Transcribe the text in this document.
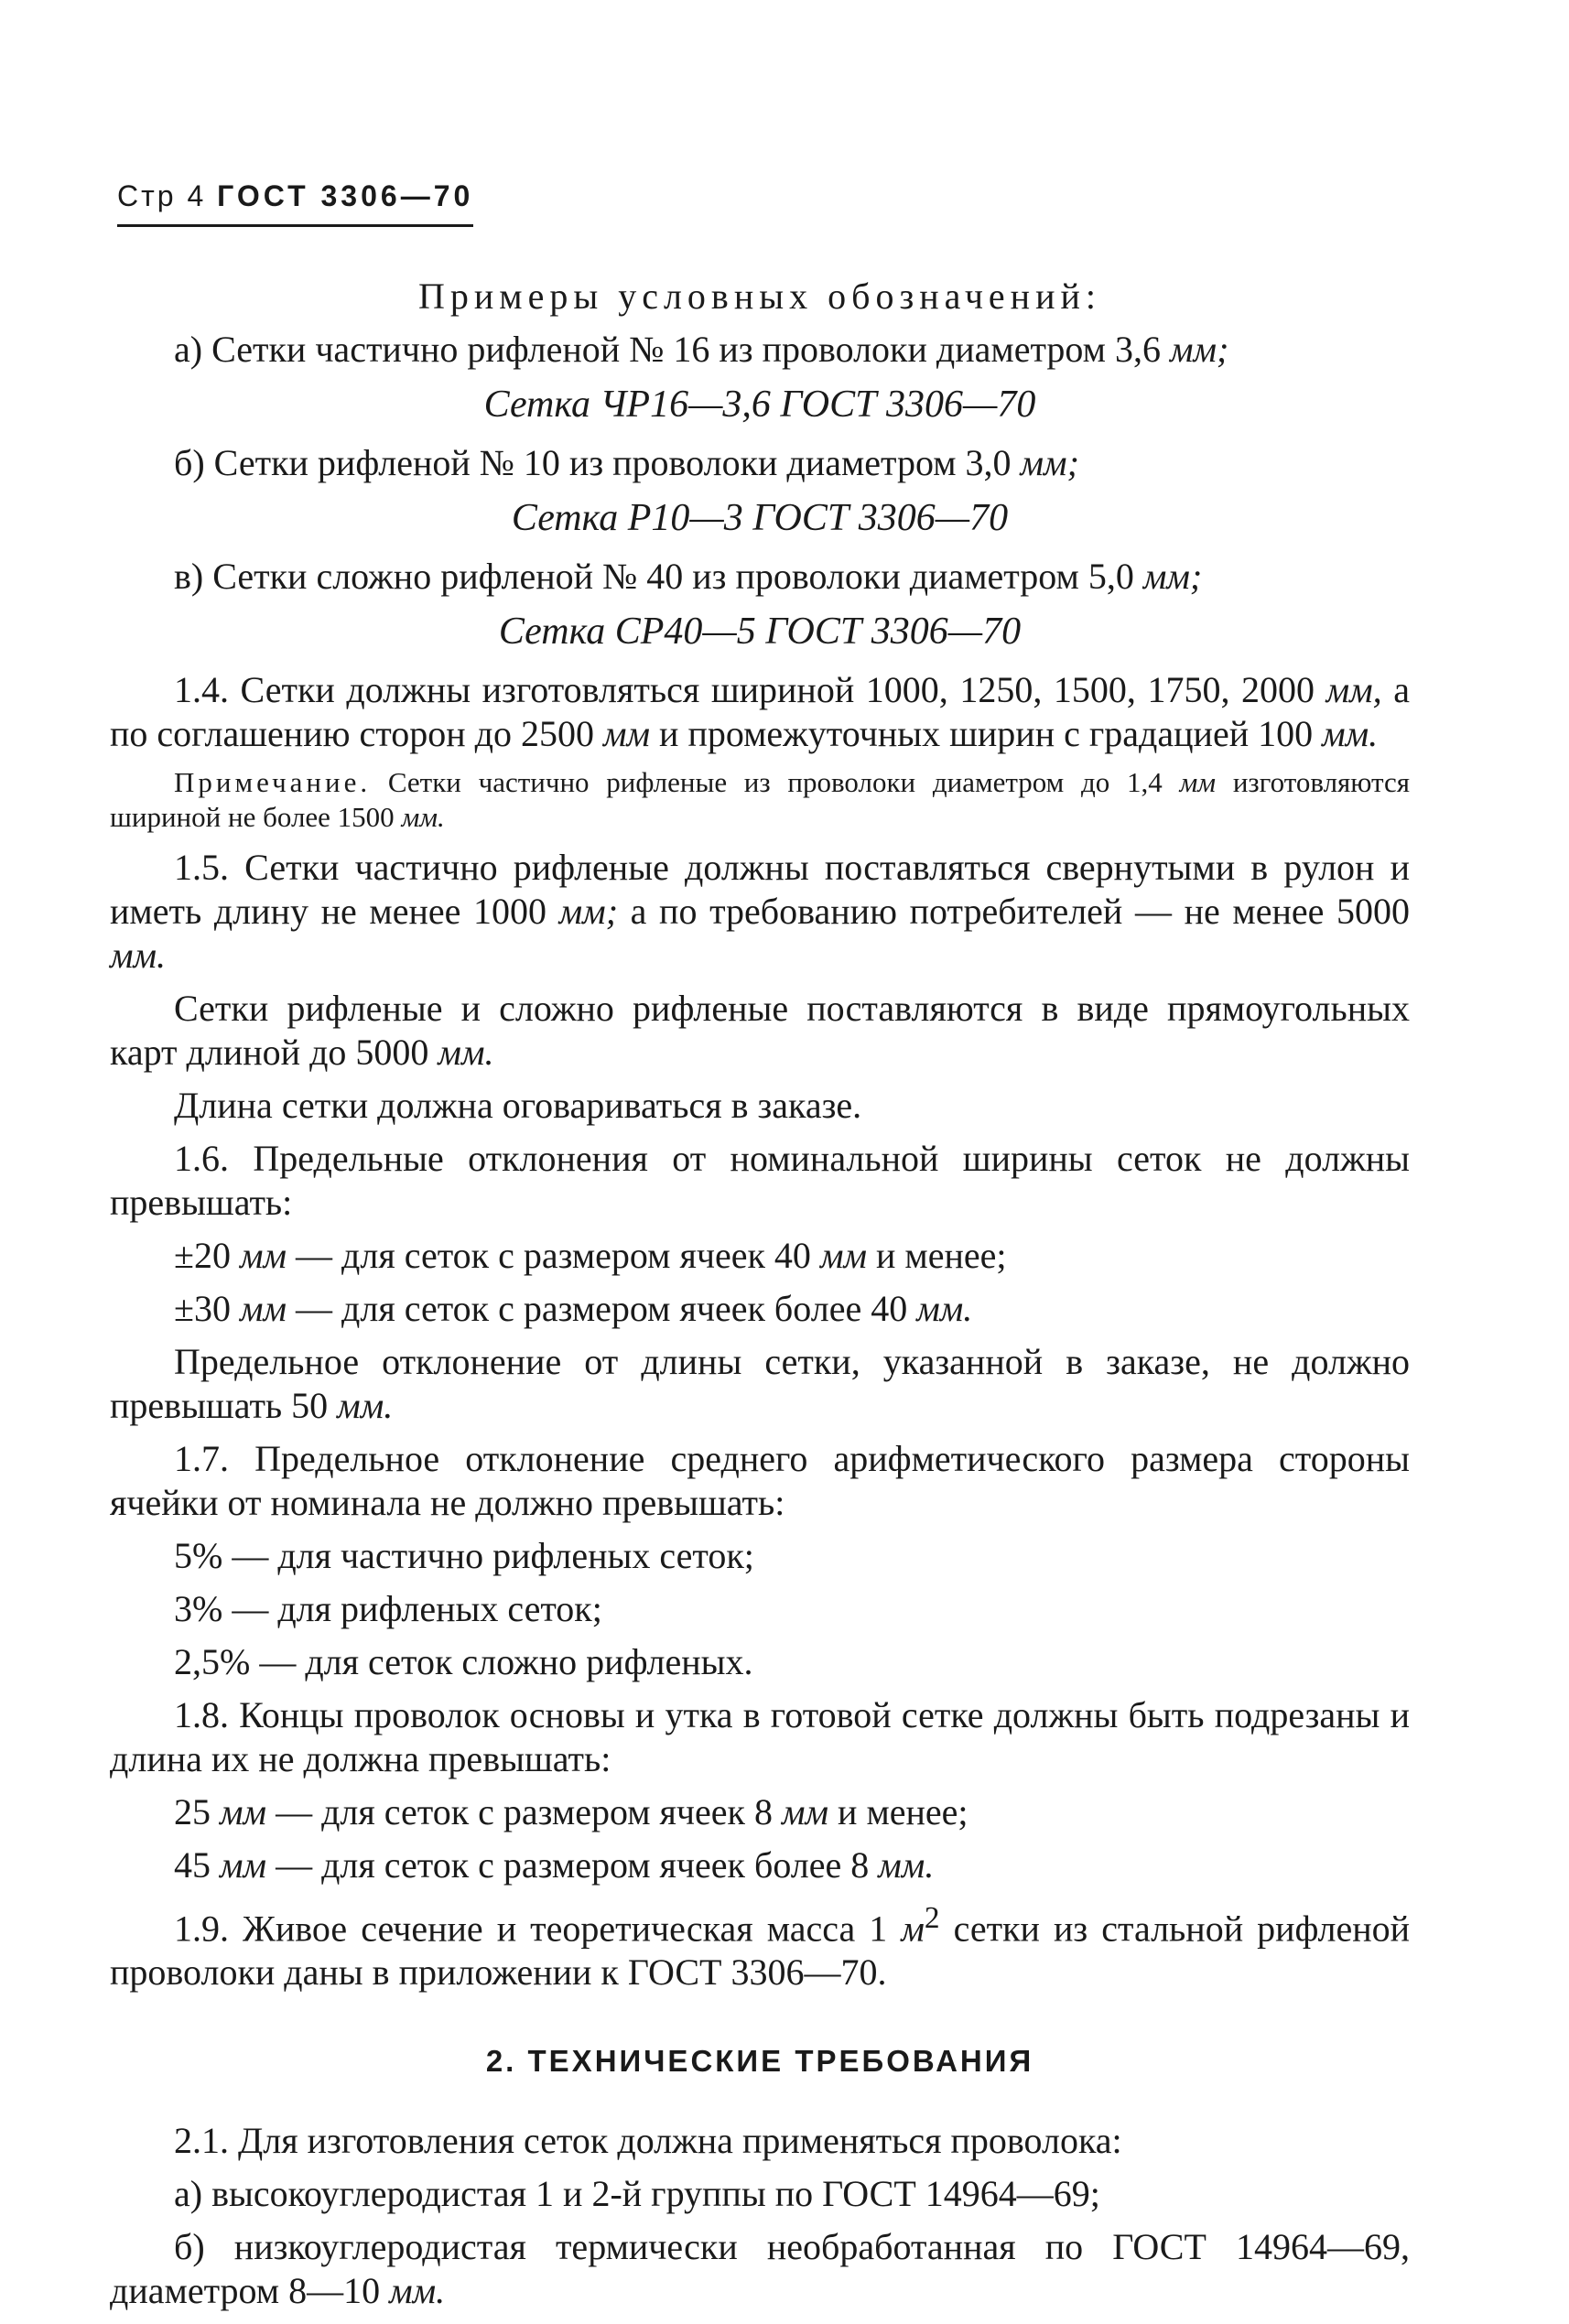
Стр 4 ГОСТ 3306—70
Примеры условных обозначений:

а) Сетки частично рифленой № 16 из проволоки диаметром 3,6 мм;

Сетка ЧР16—3,6 ГОСТ 3306—70

б) Сетки рифленой № 10 из проволоки диаметром 3,0 мм;

Сетка Р10—3 ГОСТ 3306—70

в) Сетки сложно рифленой № 40 из проволоки диаметром 5,0 мм;

Сетка СР40—5 ГОСТ 3306—70

1.4. Сетки должны изготовляться шириной 1000, 1250, 1500, 1750, 2000 мм, а по соглашению сторон до 2500 мм и промежуточных ширин с градацией 100 мм.

Примечание. Сетки частично рифленые из проволоки диаметром до 1,4 мм изготовляются шириной не более 1500 мм.

1.5. Сетки частично рифленые должны поставляться свернутыми в рулон и иметь длину не менее 1000 мм; а по требованию потребителей — не менее 5000 мм.

Сетки рифленые и сложно рифленые поставляются в виде прямоугольных карт длиной до 5000 мм.

Длина сетки должна оговариваться в заказе.

1.6. Предельные отклонения от номинальной ширины сеток не должны превышать:

±20 мм — для сеток с размером ячеек 40 мм и менее;

±30 мм — для сеток с размером ячеек более 40 мм.

Предельное отклонение от длины сетки, указанной в заказе, не должно превышать 50 мм.

1.7. Предельное отклонение среднего арифметического размера стороны ячейки от номинала не должно превышать:

5% — для частично рифленых сеток;

3% — для рифленых сеток;

2,5% — для сеток сложно рифленых.

1.8. Концы проволок основы и утка в готовой сетке должны быть подрезаны и длина их не должна превышать:

25 мм — для сеток с размером ячеек 8 мм и менее;

45 мм — для сеток с размером ячеек более 8 мм.

1.9. Живое сечение и теоретическая масса 1 $м^2$ сетки из стальной рифленой проволоки даны в приложении к ГОСТ 3306—70.

2. ТЕХНИЧЕСКИЕ ТРЕБОВАНИЯ

2.1. Для изготовления сеток должна применяться проволока:

а) высокоуглеродистая 1 и 2-й группы по ГОСТ 14964—69;

б) низкоуглеродистая термически необработанная по ГОСТ 14964—69, диаметром 8—10 мм.
